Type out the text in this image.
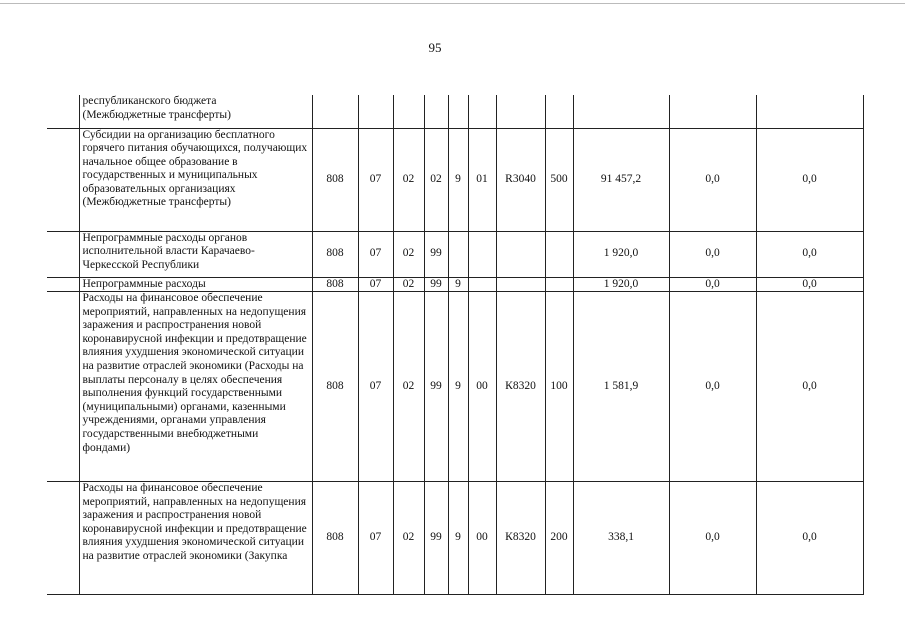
95
	республиканского бюджета
(Межбюджетные трансферты)											
	Субсидии на организацию бесплатного горячего питания обучающихся, получающих начальное общее образование в государственных и муниципальных образовательных организациях (Межбюджетные трансферты)	808	07	02	02	9	01	R3040	500	91 457,2	0,0	0,0
	Непрограммные расходы органов исполнительной власти Карачаево-Черкесской Республики	808	07	02	99					1 920,0	0,0	0,0
	Непрограммные расходы	808	07	02	99	9				1 920,0	0,0	0,0
	Расходы на финансовое обеспечение мероприятий, направленных на недопущения заражения и распространения новой коронавирусной инфекции и предотвращение влияния ухудшения экономической ситуации на развитие отраслей экономики (Расходы на выплаты персоналу в целях обеспечения выполнения функций государственными (муниципальными) органами, казенными учреждениями, органами управления государственными внебюджетными фондами)	808	07	02	99	9	00	К8320	100	1 581,9	0,0	0,0
	Расходы на финансовое обеспечение мероприятий, направленных на недопущения заражения и распространения новой коронавирусной инфекции и предотвращение влияния ухудшения экономической ситуации на развитие отраслей экономики (Закупка	808	07	02	99	9	00	К8320	200	338,1	0,0	0,0
